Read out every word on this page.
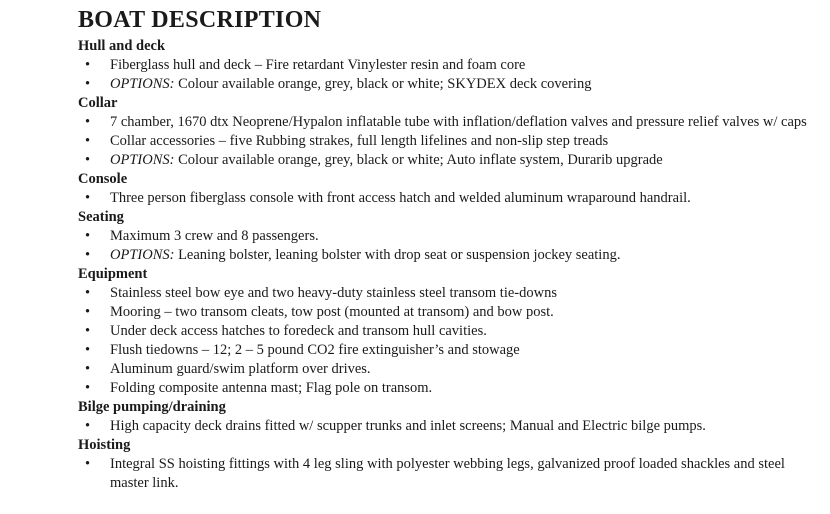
BOAT DESCRIPTION
Hull and deck
• Fiberglass hull and deck – Fire retardant Vinylester resin and foam core
• OPTIONS: Colour available orange, grey, black or white; SKYDEX deck covering
Collar
• 7 chamber, 1670 dtx Neoprene/Hypalon inflatable tube with inflation/deflation valves and pressure relief valves w/ caps
• Collar accessories – five Rubbing strakes, full length lifelines and non-slip step treads
• OPTIONS: Colour available orange, grey, black or white; Auto inflate system, Durarib upgrade
Console
• Three person fiberglass console with front access hatch and welded aluminum wraparound handrail.
Seating
• Maximum 3 crew and 8 passengers.
• OPTIONS: Leaning bolster, leaning bolster with drop seat or suspension jockey seating.
Equipment
• Stainless steel bow eye and two heavy-duty stainless steel transom tie-downs
• Mooring – two transom cleats, tow post (mounted at transom) and bow post.
• Under deck access hatches to foredeck and transom hull cavities.
• Flush tiedowns – 12; 2 – 5 pound CO2 fire extinguisher’s and stowage
• Aluminum guard/swim platform over drives.
• Folding composite antenna mast; Flag pole on transom.
Bilge pumping/draining
• High capacity deck drains fitted w/ scupper trunks and inlet screens; Manual and Electric bilge pumps.
Hoisting
• Integral SS hoisting fittings with 4 leg sling with polyester webbing legs, galvanized proof loaded shackles and steel master link.
